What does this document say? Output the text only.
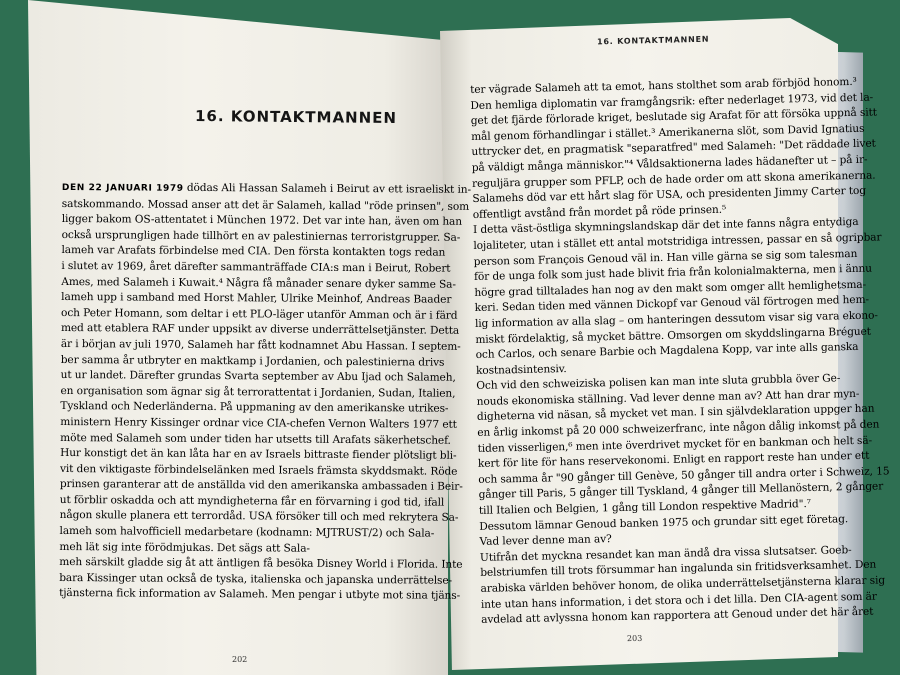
16. KONTAKTMANNEN
DEN 22 JANUARI 1979 dödas Ali Hassan Salameh i Beirut av ett israeliskt in-
satskommando. Mossad anser att det är Salameh, kallad "röde prinsen", som
ligger bakom OS-attentatet i München 1972. Det var inte han, även om han
också ursprungligen hade tillhört en av palestiniernas terroristgrupper. Sa-
lameh var Arafats förbindelse med CIA. Den första kontakten togs redan
i slutet av 1969, året därefter sammanträffade CIA:s man i Beirut, Robert
Ames, med Salameh i Kuwait.⁴ Några få månader senare dyker samme Sa-
lameh upp i samband med Horst Mahler, Ulrike Meinhof, Andreas Baader
och Peter Homann, som deltar i ett PLO-läger utanför Amman och är i färd
med att etablera RAF under uppsikt av diverse underrättelsetjänster. Detta
är i början av juli 1970, Salameh har fått kodnamnet Abu Hassan. I septem-
ber samma år utbryter en maktkamp i Jordanien, och palestinierna drivs
ut ur landet. Därefter grundas Svarta september av Abu Ijad och Salameh,
en organisation som ägnar sig åt terrorattentat i Jordanien, Sudan, Italien,
Tyskland och Nederländerna. På uppmaning av den amerikanske utrikes-
ministern Henry Kissinger ordnar vice CIA-chefen Vernon Walters 1977 ett
möte med Salameh som under tiden har utsetts till Arafats säkerhetschef.
Hur konstigt det än kan låta har en av Israels bittraste fiender plötsligt bli-
vit den viktigaste förbindelselänken med Israels främsta skyddsmakt. Röde
prinsen garanterar att de anställda vid den amerikanska ambassaden i Beir-
ut förblir oskadda och att myndigheterna får en förvarning i god tid, ifall
någon skulle planera ett terrordåd. USA försöker till och med rekrytera Sa-
lameh som halvofficiell medarbetare (kodnamn: MJTRUST/2) och Sala-
meh lät sig inte förödmjukas. Det sägs att Sala-
meh särskilt gladde sig åt att äntligen få besöka Disney World i Florida. Inte
bara Kissinger utan också de tyska, italienska och japanska underrättelse-
tjänsterna fick information av Salameh. Men pengar i utbyte mot sina tjäns-
202
16. KONTAKTMANNEN
ter vägrade Salameh att ta emot, hans stolthet som arab förbjöd honom.³
Den hemliga diplomatin var framgångsrik: efter nederlaget 1973, vid det la-
get det fjärde förlorade kriget, beslutade sig Arafat för att försöka uppnå sitt
mål genom förhandlingar i stället.³ Amerikanerna slöt, som David Ignatius
uttrycker det, en pragmatisk "separatfred" med Salameh: "Det räddade livet
på väldigt många människor."⁴ Våldsaktionerna lades hädanefter ut – på ir-
reguljära grupper som PFLP, och de hade order om att skona amerikanerna.
Salamehs död var ett hårt slag för USA, och presidenten Jimmy Carter tog
offentligt avstånd från mordet på röde prinsen.⁵
I detta väst-östliga skymningslandskap där det inte fanns några entydiga
lojaliteter, utan i stället ett antal motstridiga intressen, passar en så ogripbar
person som François Genoud väl in. Han ville gärna se sig som talesman
för de unga folk som just hade blivit fria från kolonialmakterna, men i ännu
högre grad tilltalades han nog av den makt som omger allt hemlighetsma-
keri. Sedan tiden med vännen Dickopf var Genoud väl förtrogen med hem-
lig information av alla slag – om hanteringen dessutom visar sig vara ekono-
miskt fördelaktig, så mycket bättre. Omsorgen om skyddslingarna Bréguet
och Carlos, och senare Barbie och Magdalena Kopp, var inte alls ganska
kostnadsintensiv.
Och vid den schweiziska polisen kan man inte sluta grubbla över Ge-
nouds ekonomiska ställning. Vad lever denne man av? Att han drar myn-
digheterna vid näsan, så mycket vet man. I sin självdeklaration uppger han
en årlig inkomst på 20 000 schweizerfranc, inte någon dålig inkomst på den
tiden visserligen,⁶ men inte överdrivet mycket för en bankman och helt sä-
kert för lite för hans reservekonomi. Enligt en rapport reste han under ett
och samma år "90 gånger till Genève, 50 gånger till andra orter i Schweiz, 15
gånger till Paris, 5 gånger till Tyskland, 4 gånger till Mellanöstern, 2 gånger
till Italien och Belgien, 1 gång till London respektive Madrid".⁷
Dessutom lämnar Genoud banken 1975 och grundar sitt eget företag.
Vad lever denne man av?
Utifrån det myckna resandet kan man ändå dra vissa slutsatser. Goeb-
belstriumfen till trots försummar han ingalunda sin fritidsverksamhet. Den
arabiska världen behöver honom, de olika underrättelsetjänsterna klarar sig
inte utan hans information, i det stora och i det lilla. Den CIA-agent som är
avdelad att avlyssna honom kan rapportera att Genoud under det här året
203
